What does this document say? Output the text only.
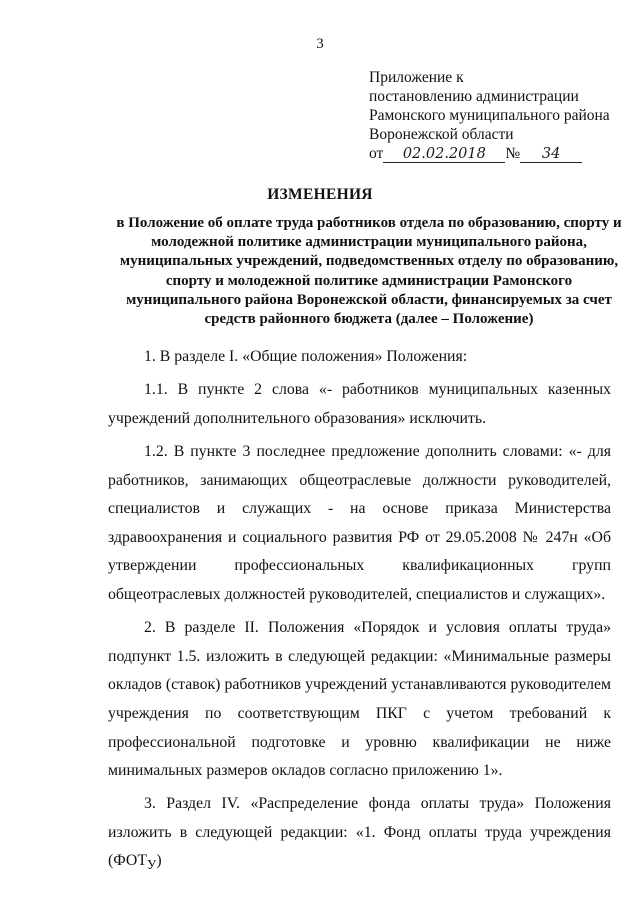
3
Приложение к
постановлению администрации
Рамонского муниципального района
Воронежской области
от 02.02.2018 № 34
ИЗМЕНЕНИЯ
в Положение об оплате труда работников отдела по образованию, спорту и молодежной политике администрации муниципального района, муниципальных учреждений, подведомственных отделу по образованию, спорту и молодежной политике администрации Рамонского муниципального района Воронежской области, финансируемых за счет средств районного бюджета (далее – Положение)

1. В разделе I. «Общие положения» Положения:

1.1. В пункте 2 слова «- работников муниципальных казенных учреждений дополнительного образования» исключить.

1.2. В пункте 3 последнее предложение дополнить словами: «- для работников, занимающих общеотраслевые должности руководителей, специалистов и служащих - на основе приказа Министерства здравоохранения и социального развития РФ от 29.05.2008 № 247н «Об утверждении профессиональных квалификационных групп общеотраслевых должностей руководителей, специалистов и служащих».

2. В разделе II. Положения «Порядок и условия оплаты труда» подпункт 1.5. изложить в следующей редакции: «Минимальные размеры окладов (ставок) работников учреждений устанавливаются руководителем учреждения по соответствующим ПКГ с учетом требований к профессиональной подготовке и уровню квалификации не ниже минимальных размеров окладов согласно приложению 1».

3. Раздел IV. «Распределение фонда оплаты труда» Положения изложить в следующей редакции: «1. Фонд оплаты труда учреждения $(ФОТ_У)$
